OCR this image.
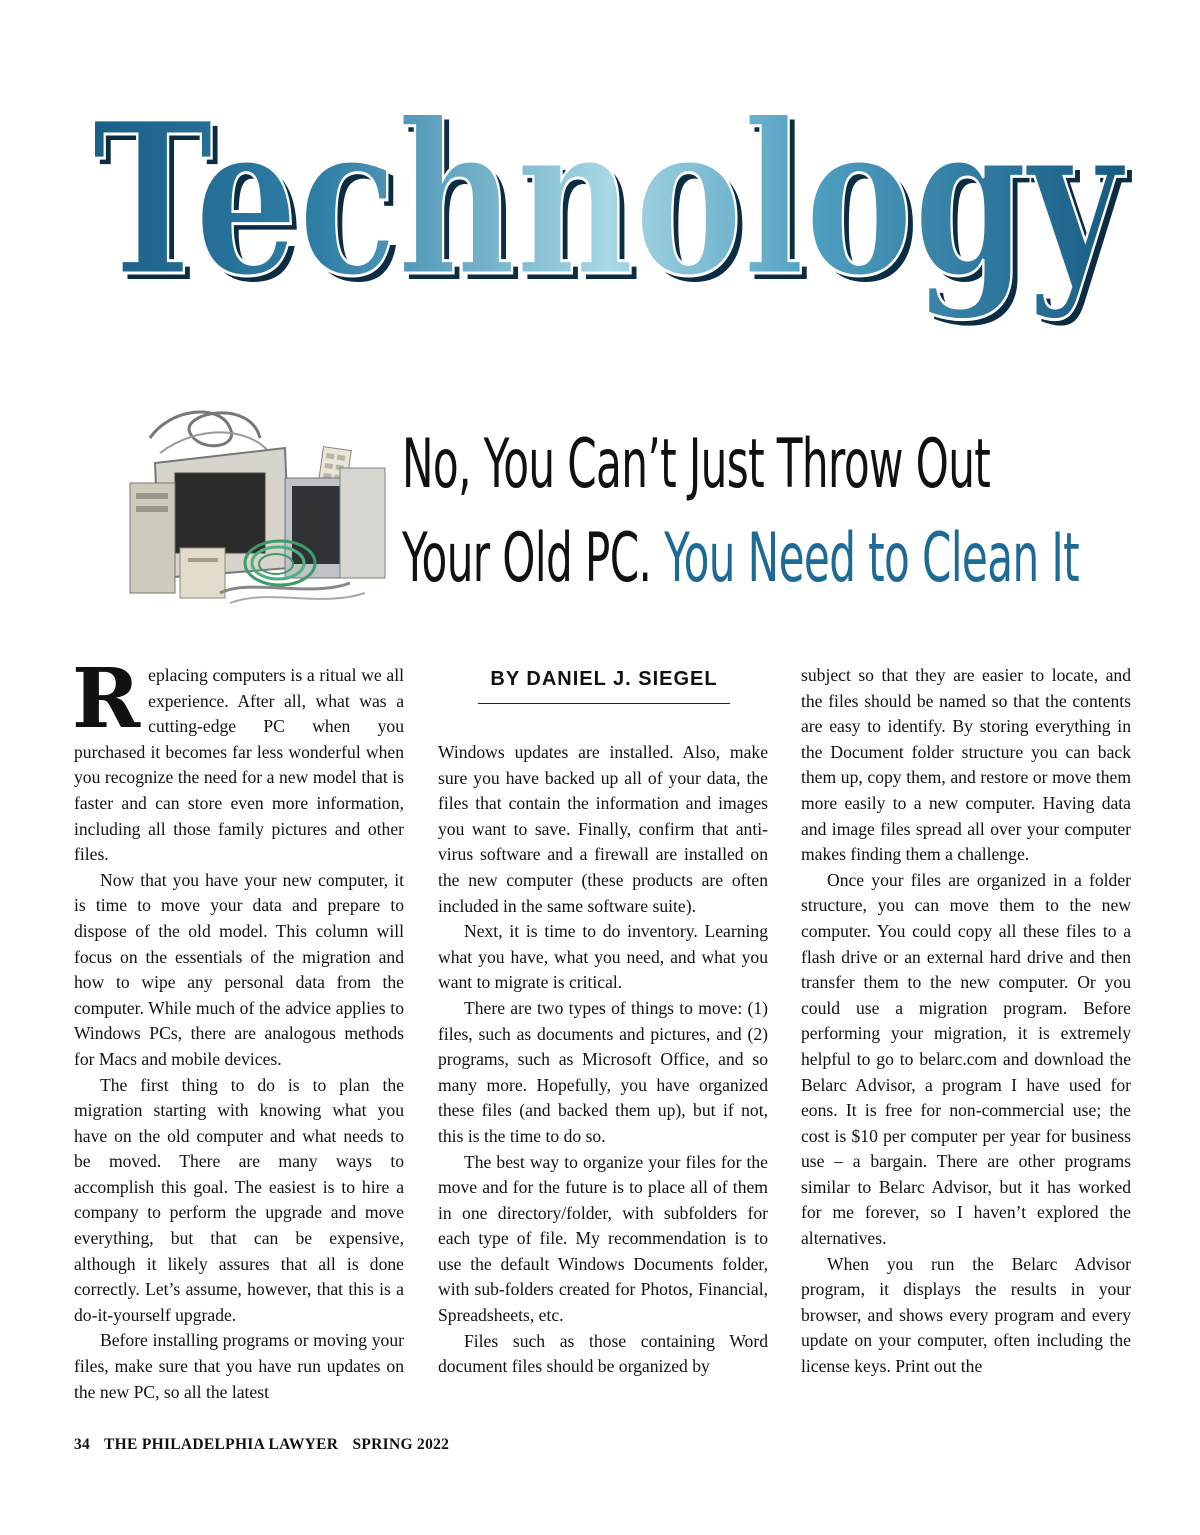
Technology
Technology
No, You Can’t Just Throw Out
Your Old PC. You Need to Clean It

Replacing computers is a ritual we all experience. After all, what was a cutting-edge PC when you purchased it becomes far less wonderful when you recognize the need for a new model that is faster and can store even more information, including all those family pictures and other files.

Now that you have your new computer, it is time to move your data and prepare to dispose of the old model. This column will focus on the essentials of the migration and how to wipe any personal data from the computer. While much of the advice applies to Windows PCs, there are analogous methods for Macs and mobile devices.

The first thing to do is to plan the migration starting with knowing what you have on the old computer and what needs to be moved. There are many ways to accomplish this goal. The easiest is to hire a company to perform the upgrade and move everything, but that can be expensive, although it likely assures that all is done correctly. Let’s assume, however, that this is a do-it-yourself upgrade.

Before installing programs or moving your files, make sure that you have run updates on the new PC, so all the latest

BY DANIEL J. SIEGEL

Windows updates are installed. Also, make sure you have backed up all of your data, the files that contain the information and images you want to save. Finally, confirm that anti-virus software and a firewall are installed on the new computer (these products are often included in the same software suite).

Next, it is time to do inventory. Learning what you have, what you need, and what you want to migrate is critical.

There are two types of things to move: (1) files, such as documents and pictures, and (2) programs, such as Microsoft Office, and so many more. Hopefully, you have organized these files (and backed them up), but if not, this is the time to do so.

The best way to organize your files for the move and for the future is to place all of them in one directory/folder, with subfolders for each type of file. My recommendation is to use the default Windows Documents folder, with sub-folders created for Photos, Financial, Spreadsheets, etc.

Files such as those containing Word document files should be organized by

subject so that they are easier to locate, and the files should be named so that the contents are easy to identify. By storing everything in the Document folder structure you can back them up, copy them, and restore or move them more easily to a new computer. Having data and image files spread all over your computer makes finding them a challenge.

Once your files are organized in a folder structure, you can move them to the new computer. You could copy all these files to a flash drive or an external hard drive and then transfer them to the new computer. Or you could use a migration program. Before performing your migration, it is extremely helpful to go to belarc.com and download the Belarc Advisor, a program I have used for eons. It is free for non-commercial use; the cost is $10 per computer per year for business use – a bargain. There are other programs similar to Belarc Advisor, but it has worked for me forever, so I haven’t explored the alternatives.

When you run the Belarc Advisor program, it displays the results in your browser, and shows every program and every update on your computer, often including the license keys. Print out the

34 THE PHILADELPHIA LAWYER SPRING 2022
